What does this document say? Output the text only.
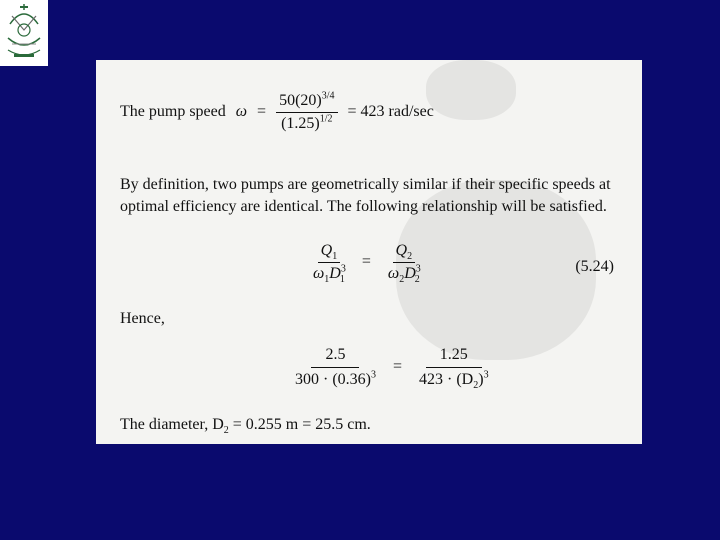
The pump speed $\omega = \frac{50(20)^{3/4}}{(1.25)^{1/2}} = 423$ rad/sec
By definition, two pumps are geometrically similar if their specific speeds at optimal efficiency are identical. The following relationship will be satisfied.
$\frac{Q_1}{\omega_1D^3_1} = \frac{Q_2}{\omega_2D^3_2}$	(5.24)
Hence,
$\frac{2.5}{300 \cdot (0.36)^3} = \frac{1.25}{423 \cdot (D_2)^3}$
The diameter, $D_2 = 0.255$ m = 25.5 cm.
